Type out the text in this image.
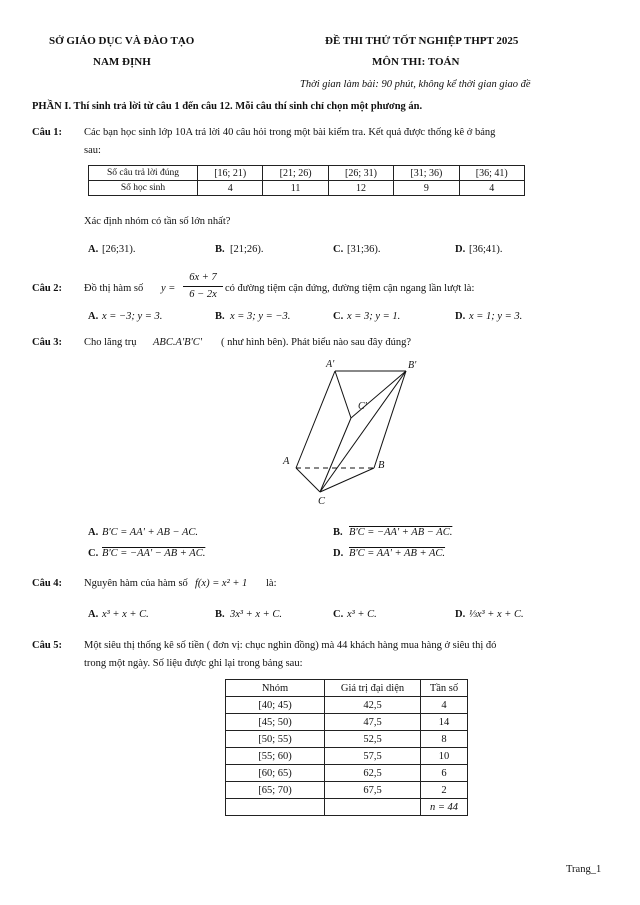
SỞ GIÁO DỤC VÀ ĐÀO TẠO
NAM ĐỊNH
ĐỀ THI THỬ TỐT NGHIỆP THPT 2025
MÔN THI: TOÁN
Thời gian làm bài: 90 phút, không kể thời gian giao đề
PHẦN I. Thí sinh trả lời từ câu 1 đến câu 12. Mỗi câu thí sinh chỉ chọn một phương án.
Câu 1: Các bạn học sinh lớp 10A trả lời 40 câu hỏi trong một bài kiểm tra. Kết quả được thống kê ở bảng
sau:
Số câu trả lời đúng	[16; 21)	[21; 26)	[26; 31)	[31; 36)	[36; 41)
Số học sinh	4	11	12	9	4
Xác định nhóm có tần số lớn nhất?
A. [26;31).	B. [21;26).	C. [31;36).	D. [36;41).
Câu 2: Đồ thị hàm số y =
6x + 7
6 − 2x
có đường tiệm cận đứng, đường tiệm cận ngang lần lượt là:
A. x = −3; y = 3.	B. x = 3; y = −3.	C. x = 3; y = 1.	D. x = 1; y = 3.
Câu 3: Cho lăng trụ ABC.A'B'C' ( như hình bên). Phát biểu nào sau đây đúng?
A'	B'
C'
A	B
C
A. B'C = AA' + AB − AC.	B. B'C = −AA' + AB − AC.
C. B'C = −AA' − AB + AC.	D. B'C = AA' + AB + AC.
Câu 4: Nguyên hàm của hàm số f(x) = x² + 1 là:
A. x³ + x + C.	B. 3x³ + x + C.	C. x³ + C.	D. ⅓x³ + x + C.
Câu 5: Một siêu thị thống kê số tiền ( đơn vị: chục nghìn đồng) mà 44 khách hàng mua hàng ở siêu thị đó
trong một ngày. Số liệu được ghi lại trong bảng sau:
Nhóm	Giá trị đại diện	Tần số
[40; 45)	42,5	4
[45; 50)	47,5	14
[50; 55)	52,5	8
[55; 60)	57,5	10
[60; 65)	62,5	6
[65; 70)	67,5	2
		n = 44
Trang_1
